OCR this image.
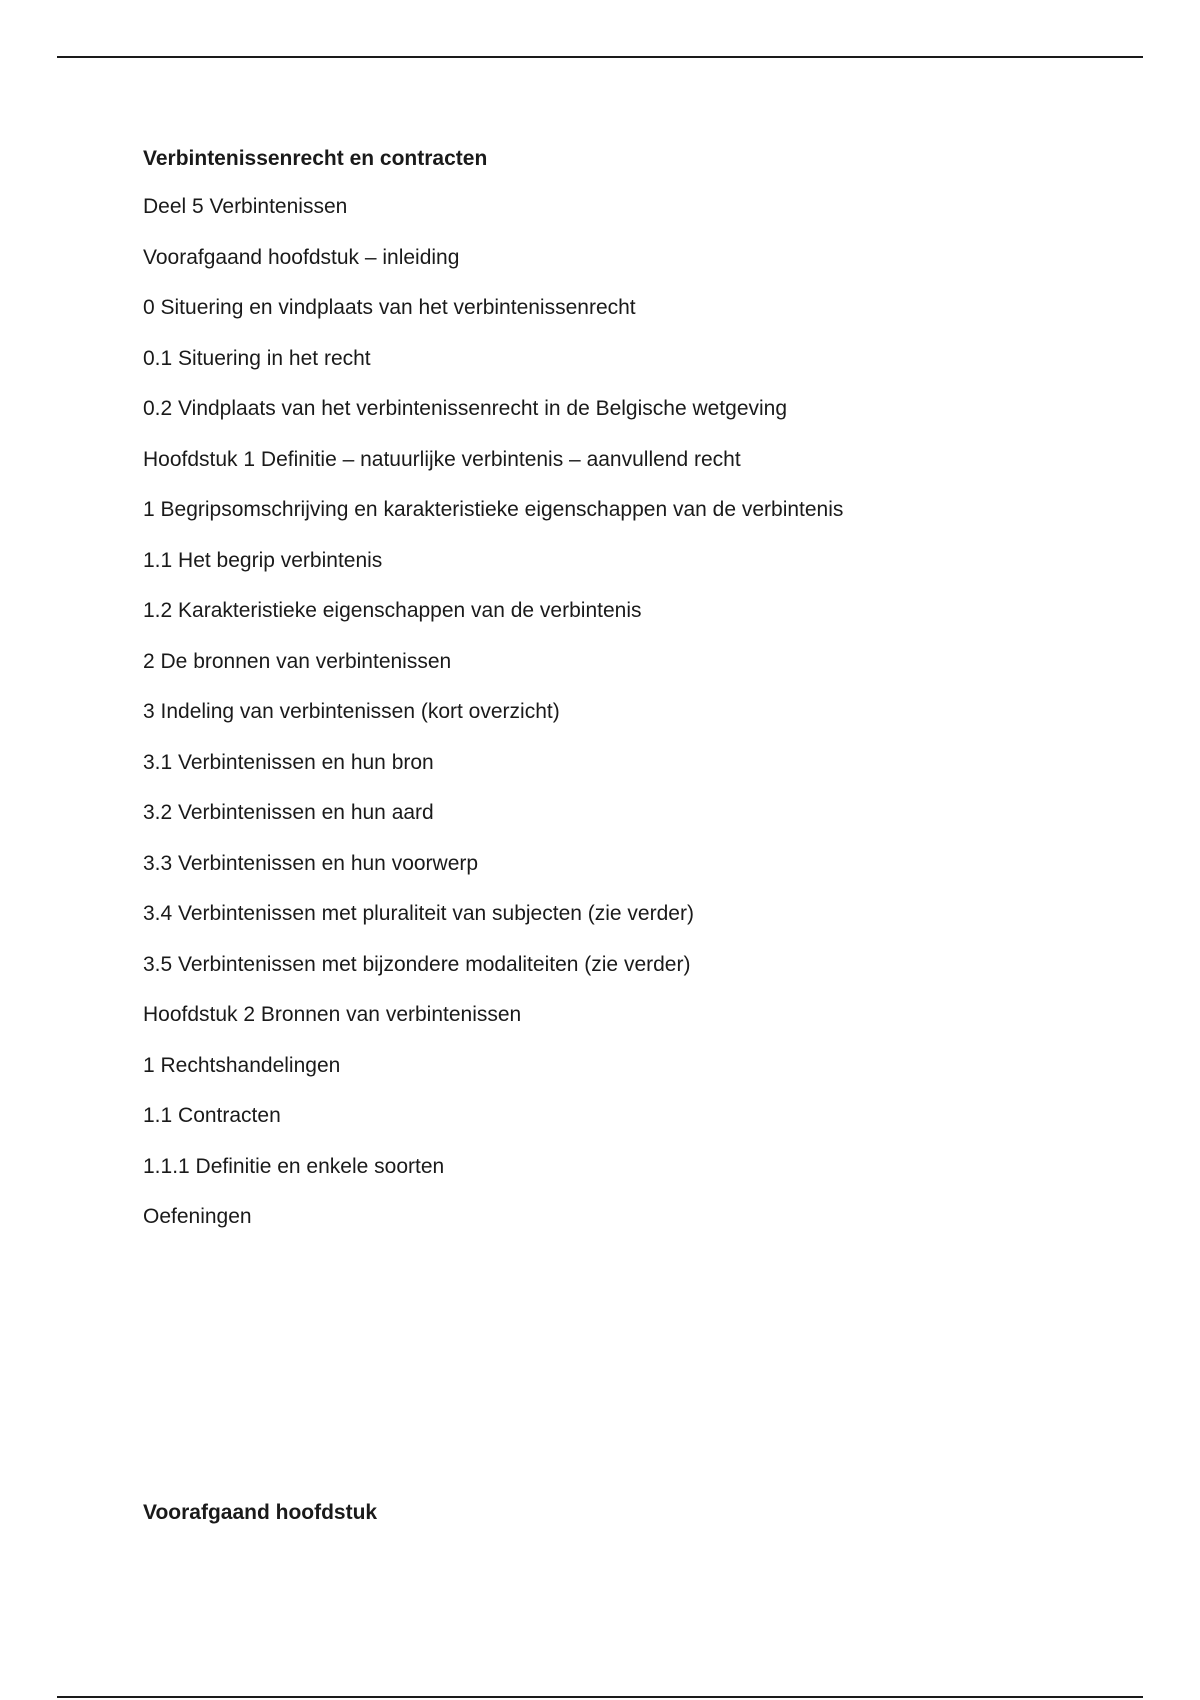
Verbintenissenrecht en contracten
Deel 5 Verbintenissen
Voorafgaand hoofdstuk – inleiding
0 Situering en vindplaats van het verbintenissenrecht
0.1 Situering in het recht
0.2 Vindplaats van het verbintenissenrecht in de Belgische wetgeving
Hoofdstuk 1 Definitie – natuurlijke verbintenis – aanvullend recht
1 Begripsomschrijving en karakteristieke eigenschappen van de verbintenis
1.1 Het begrip verbintenis
1.2 Karakteristieke eigenschappen van de verbintenis
2 De bronnen van verbintenissen
3 Indeling van verbintenissen (kort overzicht)
3.1 Verbintenissen en hun bron
3.2 Verbintenissen en hun aard
3.3 Verbintenissen en hun voorwerp
3.4 Verbintenissen met pluraliteit van subjecten (zie verder)
3.5 Verbintenissen met bijzondere modaliteiten (zie verder)
Hoofdstuk 2 Bronnen van verbintenissen
1 Rechtshandelingen
1.1 Contracten
1.1.1 Definitie en enkele soorten
Oefeningen
Voorafgaand hoofdstuk
